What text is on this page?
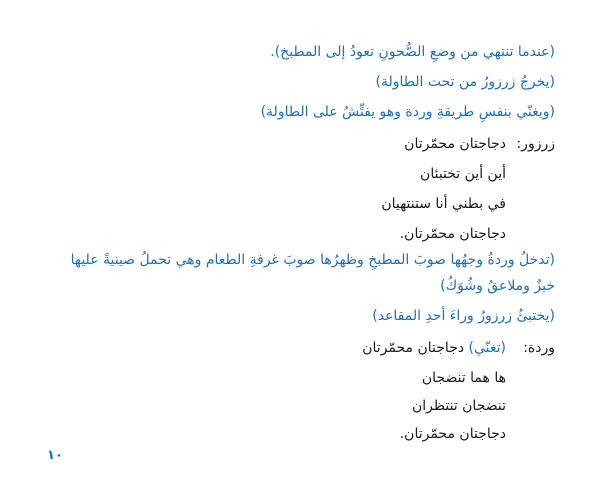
(عندما تنتهي من وضعِ الصُّحونِ تعودُ إلى المطبخ).
(يخرجُ زرزورُ من تحت الطاولة)
(ويغنّي بنفسِ طريقةِ وردة وهو يفتِّشُ على الطاولة)
زرزور:
دجاجتان محمّرتان
أين أين تختبئان
في بطني أنا ستنتهيان
دجاجتان محمّرتان.
(تدخلُ وردةُ وجهُها صوبَ المطبخِ وظهرُها صوبَ غرفةِ الطعام وهي تحملُ صينيةً عليها
خبزٌ وملاعقُ وشُوَكُ)
(يختبئُ زرزورُ وراءَ أحدِ المقاعد)
وردة:
(تغنّي) دجاجتان محمّرتان
ها هما تنضجان
تنضجان تنتظران
دجاجتان محمّرتان.
١٠
